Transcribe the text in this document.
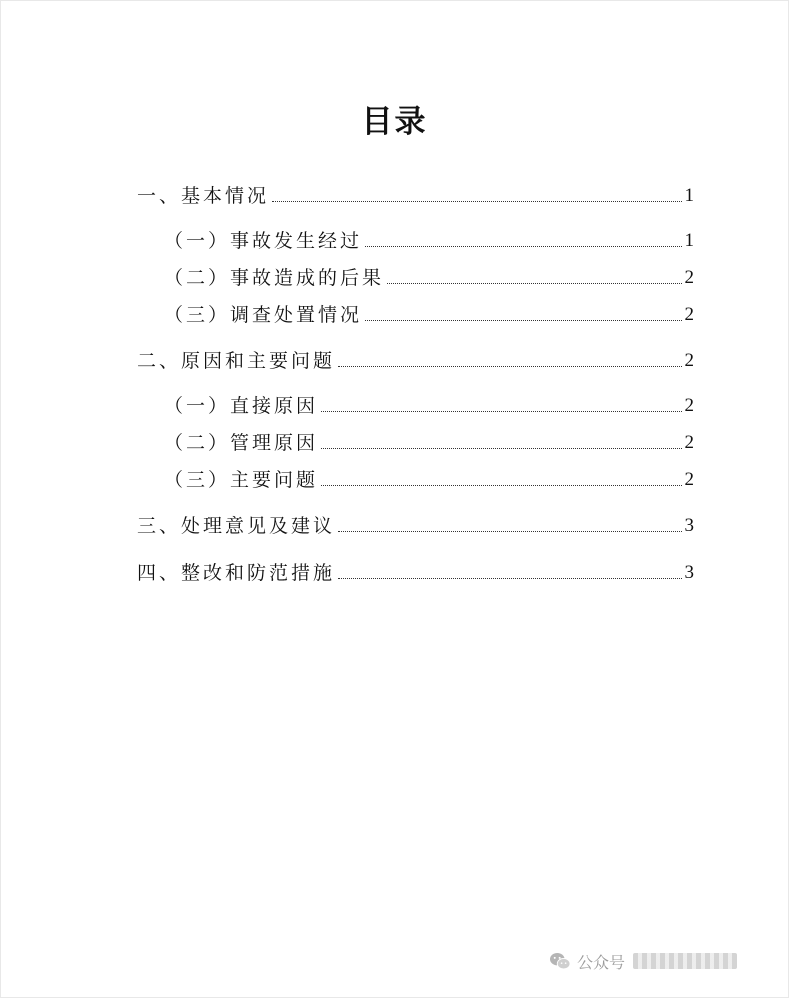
目录
一、基本情况	1
（一）事故发生经过	1
（二）事故造成的后果	2
（三）调查处置情况	2
二、原因和主要问题	2
（一）直接原因	2
（二）管理原因	2
（三）主要问题	2
三、处理意见及建议	3
四、整改和防范措施	3
公众号
